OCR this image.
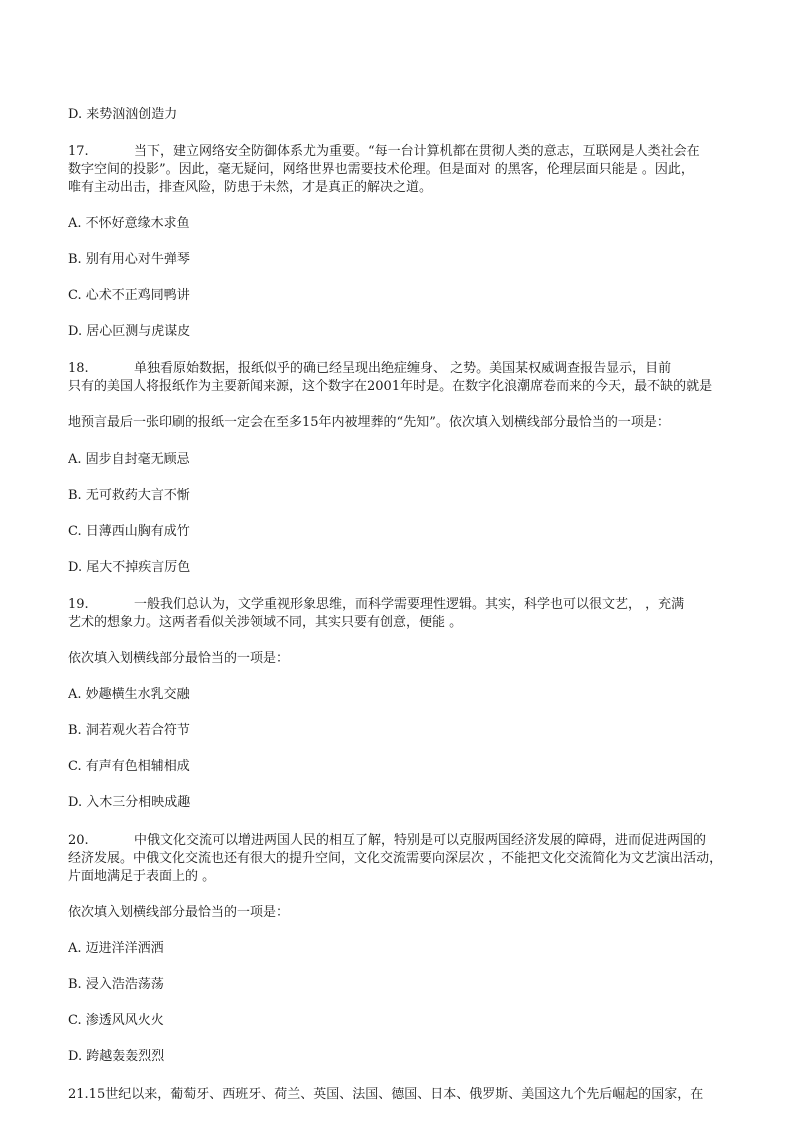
D. 来势汹汹创造力
17.	当下，建立网络安全防御体系尤为重要。“每一台计算机都在贯彻人类的意志，互联网是人类社会在
数字空间的投影”。因此，毫无疑问，网络世界也需要技术伦理。但是面对 的黑客，伦理层面只能是 。因此，
唯有主动出击，排查风险，防患于未然，才是真正的解决之道。
A. 不怀好意缘木求鱼
B. 别有用心对牛弹琴
C. 心术不正鸡同鸭讲
D. 居心叵测与虎谋皮
18.	单独看原始数据，报纸似乎的确已经呈现出绝症缠身、 之势。美国某权威调查报告显示，目前
只有的美国人将报纸作为主要新闻来源，这个数字在2001年时是。在数字化浪潮席卷而来的今天，最不缺的就是
地预言最后一张印刷的报纸一定会在至多15年内被埋葬的“先知”。依次填入划横线部分最恰当的一项是：
A. 固步自封毫无顾忌
B. 无可救药大言不惭
C. 日薄西山胸有成竹
D. 尾大不掉疾言厉色
19.	一般我们总认为，文学重视形象思维，而科学需要理性逻辑。其实，科学也可以很文艺， ，充满
艺术的想象力。这两者看似关涉领域不同，其实只要有创意，便能 。
依次填入划横线部分最恰当的一项是：
A. 妙趣横生水乳交融
B. 洞若观火若合符节
C. 有声有色相辅相成
D. 入木三分相映成趣
20.	中俄文化交流可以增进两国人民的相互了解，特别是可以克服两国经济发展的障碍，进而促进两国的
经济发展。中俄文化交流也还有很大的提升空间，文化交流需要向深层次 ，不能把文化交流简化为文艺演出活动，
片面地满足于表面上的 。
依次填入划横线部分最恰当的一项是：
A. 迈进洋洋洒洒
B. 浸入浩浩荡荡
C. 渗透风风火火
D. 跨越轰轰烈烈
21.15世纪以来，葡萄牙、西班牙、荷兰、英国、法国、德国、日本、俄罗斯、美国这九个先后崛起的国家，在
